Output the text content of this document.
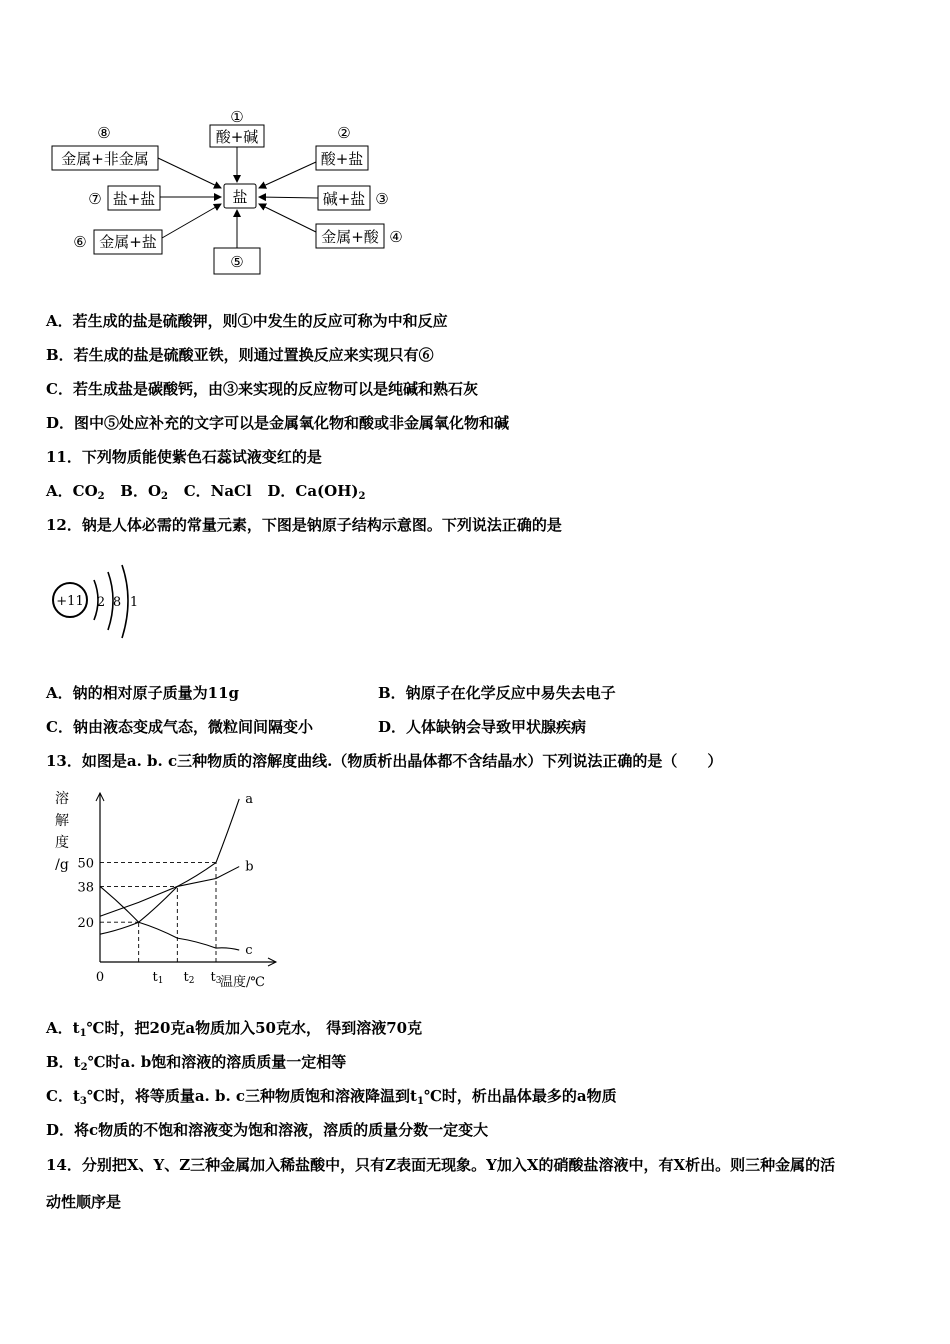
盐
①
酸+碱	②
酸+盐
碱+盐 ③
金属+酸 ④
⑤
⑥ 金属+盐
⑦ 盐+盐
⑧
金属+非金属
A．若生成的盐是硫酸钾，则①中发生的反应可称为中和反应
B．若生成的盐是硫酸亚铁，则通过置换反应来实现只有⑥
C．若生成盐是碳酸钙，由③来实现的反应物可以是纯碱和熟石灰
D．图中⑤处应补充的文字可以是金属氧化物和酸或非金属氧化物和碱
11．下列物质能使紫色石蕊试液变红的是
A．$CO_2$ B．$O_2$ C．NaCl D．$Ca(OH)_2$
12．钠是人体必需的常量元素，下图是钠原子结构示意图。下列说法正确的是
+11 2 8 1
A．钠的相对原子质量为11g	B．钠原子在化学反应中易失去电子
C．钠由液态变成气态，微粒间间隔变小	D．人体缺钠会导致甲状腺疾病
13．如图是a. b. c三种物质的溶解度曲线.（物质析出晶体都不含结晶水）下列说法正确的是（　　）
溶
解
度
/g
温度/℃
50
38
20
0	t1 t2 t3
a
b
c
A．$t_1℃$时，把20克a物质加入50克水， 得到溶液70克
B．$t_2℃$时a. b饱和溶液的溶质质量一定相等
C．$t_3℃$时，将等质量a. b. c三种物质饱和溶液降温到$t_1℃$时，析出晶体最多的a物质
D．将c物质的不饱和溶液变为饱和溶液，溶质的质量分数一定变大
14．分别把X、Y、Z三种金属加入稀盐酸中，只有Z表面无现象。Y加入X的硝酸盐溶液中，有X析出。则三种金属的活
动性顺序是
